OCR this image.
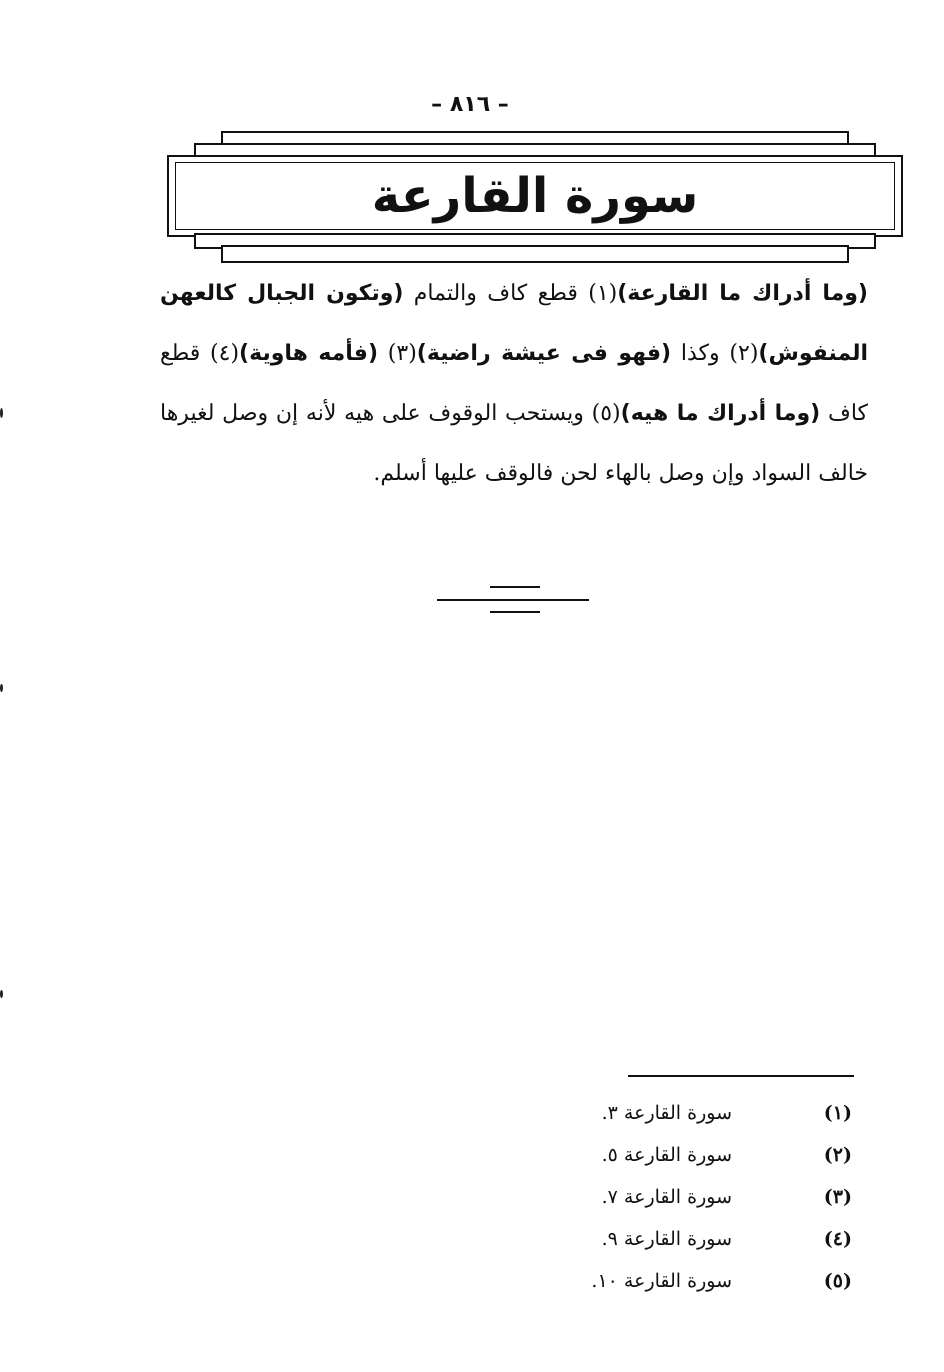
– ٨١٦ –
سورة القارعة
(وما أدراك ما القارعة)(١) قطع كاف والتمام (وتكون الجبال كالعهن المنفوش)(٢) وكذا (فهو فى عيشة راضية)(٣) (فأمه هاوية)(٤) قطع كاف (وما أدراك ما هيه)(٥) ويستحب الوقوف على هيه لأنه إن وصل لغيرها خالف السواد وإن وصل بالهاء لحن فالوقف عليها أسلم.
(١)
سورة القارعة ٣.
(٢)
سورة القارعة ٥.
(٣)
سورة القارعة ٧.
(٤)
سورة القارعة ٩.
(٥)
سورة القارعة ١٠.
